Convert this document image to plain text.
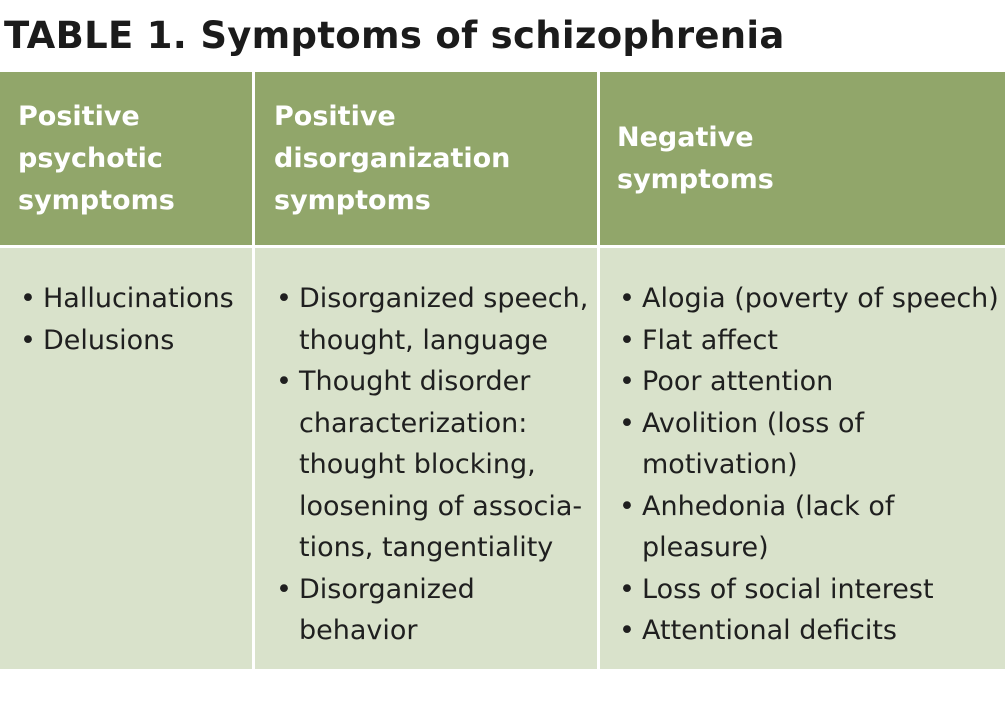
TABLE 1. Symptoms of schizophrenia
Positive
psychotic
symptoms
Positive
disorganization
symptoms
Negative
symptoms
• Hallucinations
• Delusions
• Disorganized speech,
thought, language
• Thought disorder
characterization:
thought blocking,
loosening of associa-
tions, tangentiality
• Disorganized
behavior
• Alogia (poverty of speech)
• Flat affect
• Poor attention
• Avolition (loss of
motivation)
• Anhedonia (lack of
pleasure)
• Loss of social interest
• Attentional deficits
